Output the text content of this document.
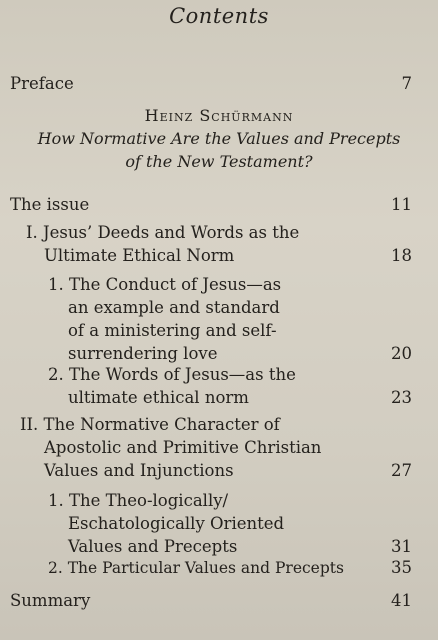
Contents
Preface	7
Heinz Schürmann
How Normative Are the Values and Precepts
of the New Testament?
The issue	11
I. Jesus’ Deeds and Words as the
Ultimate Ethical Norm	18
1. The Conduct of Jesus—as
an example and standard
of a ministering and self-
surrendering love	20
2. The Words of Jesus—as the
ultimate ethical norm	23
II. The Normative Character of
Apostolic and Primitive Christian
Values and Injunctions	27
1. The Theo-logically/
Eschatologically Oriented
Values and Precepts	31
2. The Particular Values and Precepts	35
Summary	41
